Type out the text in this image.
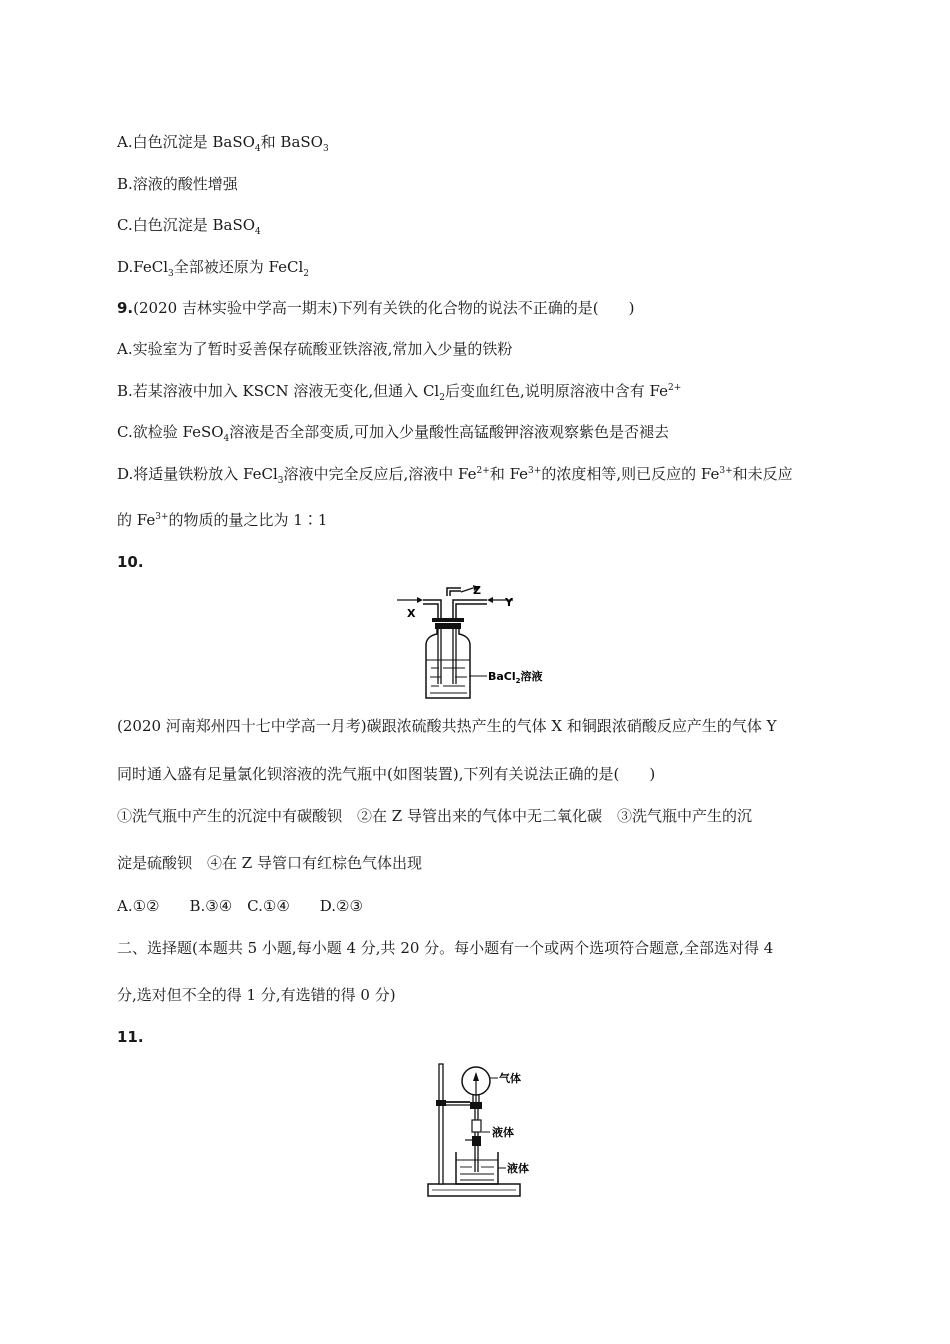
A.白色沉淀是 BaSO$_4$和 BaSO$_3$
B.溶液的酸性增强
C.白色沉淀是 BaSO$_4$
D.FeCl$_3$全部被还原为 FeCl$_2$
9.(2020 吉林实验中学高一期末)下列有关铁的化合物的说法不正确的是(　　)
A.实验室为了暂时妥善保存硫酸亚铁溶液,常加入少量的铁粉
B.若某溶液中加入 KSCN 溶液无变化,但通入 $Cl_2$后变血红色,说明原溶液中含有 $Fe^{2+}$
C.欲检验 FeSO$_4$溶液是否全部变质,可加入少量酸性高锰酸钾溶液观察紫色是否褪去
D.将适量铁粉放入 FeCl$_3$溶液中完全反应后,溶液中 $Fe^{2+}$和 $Fe^{3+}$的浓度相等,则已反应的 $Fe^{3+}$和未反应
的 $Fe^{3+}$的物质的量之比为 1∶1
10.
X
Y
Z
BaCl$_2$溶液
(2020 河南郑州四十七中学高一月考)碳跟浓硫酸共热产生的气体 X 和铜跟浓硝酸反应产生的气体 Y
同时通入盛有足量氯化钡溶液的洗气瓶中(如图装置),下列有关说法正确的是(　　)
①洗气瓶中产生的沉淀中有碳酸钡　②在 Z 导管出来的气体中无二氧化碳　③洗气瓶中产生的沉
淀是硫酸钡　④在 Z 导管口有红棕色气体出现
A.①②　　B.③④　C.①④　　D.②③
二、选择题(本题共 5 小题,每小题 4 分,共 20 分。每小题有一个或两个选项符合题意,全部选对得 4
分,选对但不全的得 1 分,有选错的得 0 分)
11.
气体
液体
液体
